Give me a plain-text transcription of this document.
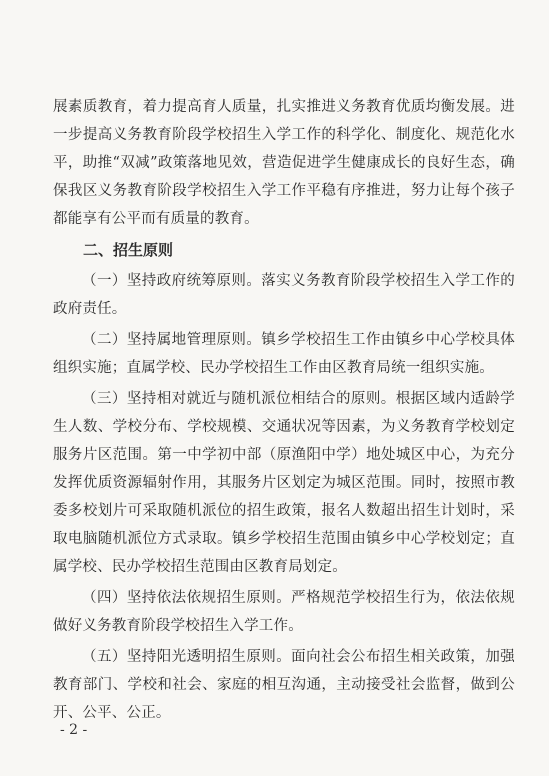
展素质教育，着力提高育人质量，扎实推进义务教育优质均衡发展。进一步提高义务教育阶段学校招生入学工作的科学化、制度化、规范化水平，助推“双减”政策落地见效，营造促进学生健康成长的良好生态，确保我区义务教育阶段学校招生入学工作平稳有序推进，努力让每个孩子都能享有公平而有质量的教育。

二、招生原则

（一）坚持政府统筹原则。落实义务教育阶段学校招生入学工作的政府责任。

（二）坚持属地管理原则。镇乡学校招生工作由镇乡中心学校具体组织实施；直属学校、民办学校招生工作由区教育局统一组织实施。

（三）坚持相对就近与随机派位相结合的原则。根据区域内适龄学生人数、学校分布、学校规模、交通状况等因素，为义务教育学校划定服务片区范围。第一中学初中部（原渔阳中学）地处城区中心，为充分发挥优质资源辐射作用，其服务片区划定为城区范围。同时，按照市教委多校划片可采取随机派位的招生政策，报名人数超出招生计划时，采取电脑随机派位方式录取。镇乡学校招生范围由镇乡中心学校划定；直属学校、民办学校招生范围由区教育局划定。

（四）坚持依法依规招生原则。严格规范学校招生行为，依法依规做好义务教育阶段学校招生入学工作。

（五）坚持阳光透明招生原则。面向社会公布招生相关政策，加强教育部门、学校和社会、家庭的相互沟通，主动接受社会监督，做到公开、公平、公正。

- 2 -
